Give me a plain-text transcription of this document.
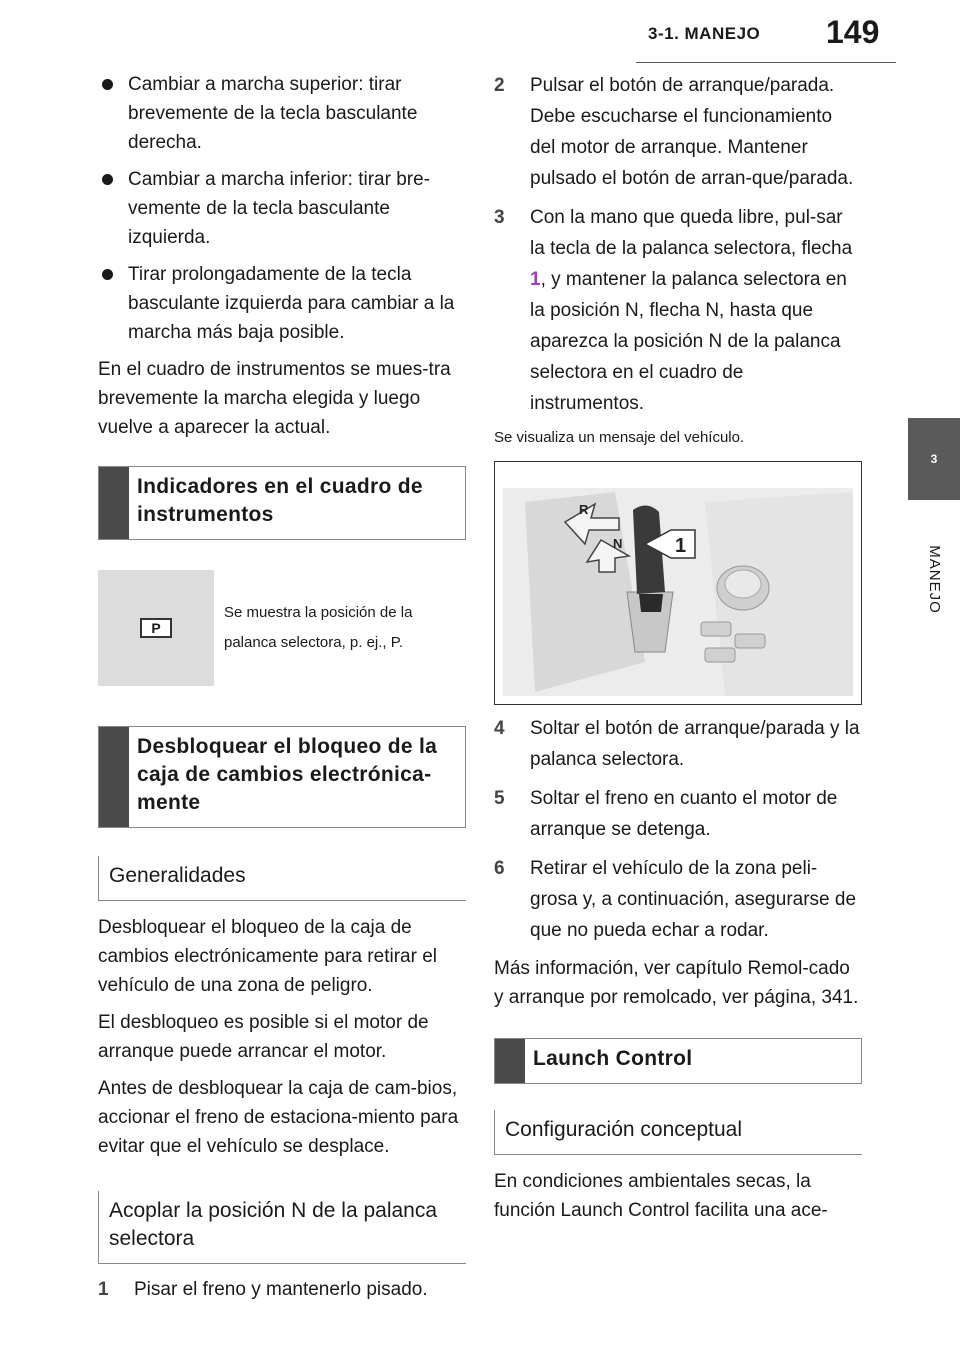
3-1. MANEJO 149
3
MANEJO
Cambiar a marcha superior: tirar brevemente de la tecla basculante derecha.
Cambiar a marcha inferior: tirar bre-vemente de la tecla basculante izquierda.
Tirar prolongadamente de la tecla basculante izquierda para cambiar a la marcha más baja posible.
En el cuadro de instrumentos se mues-tra brevemente la marcha elegida y luego vuelve a aparecer la actual.
Indicadores en el cuadro de instrumentos
P
Se muestra la posición de la palanca selectora, p. ej., P.
Desbloquear el bloqueo de la caja de cambios electrónica-mente
Generalidades
Desbloquear el bloqueo de la caja de cambios electrónicamente para retirar el vehículo de una zona de peligro.
El desbloqueo es posible si el motor de arranque puede arrancar el motor.
Antes de desbloquear la caja de cam-bios, accionar el freno de estaciona-miento para evitar que el vehículo se desplace.
Acoplar la posición N de la palanca selectora
1	Pisar el freno y mantenerlo pisado.
2	Pulsar el botón de arranque/parada. Debe escucharse el funcionamiento del motor de arranque. Mantener pulsado el botón de arran-que/parada.
3	Con la mano que queda libre, pul-sar la tecla de la palanca selectora, flecha 1, y mantener la palanca selectora en la posición N, flecha N, hasta que aparezca la posición N de la palanca selectora en el cuadro de instrumentos.
Se visualiza un mensaje del vehículo.
R
N	1
4	Soltar el botón de arranque/parada y la palanca selectora.
5	Soltar el freno en cuanto el motor de arranque se detenga.
6	Retirar el vehículo de la zona peli-grosa y, a continuación, asegurarse de que no pueda echar a rodar.
Más información, ver capítulo Remol-cado y arranque por remolcado, ver página, 341.
Launch Control
Configuración conceptual
En condiciones ambientales secas, la función Launch Control facilita una ace-
